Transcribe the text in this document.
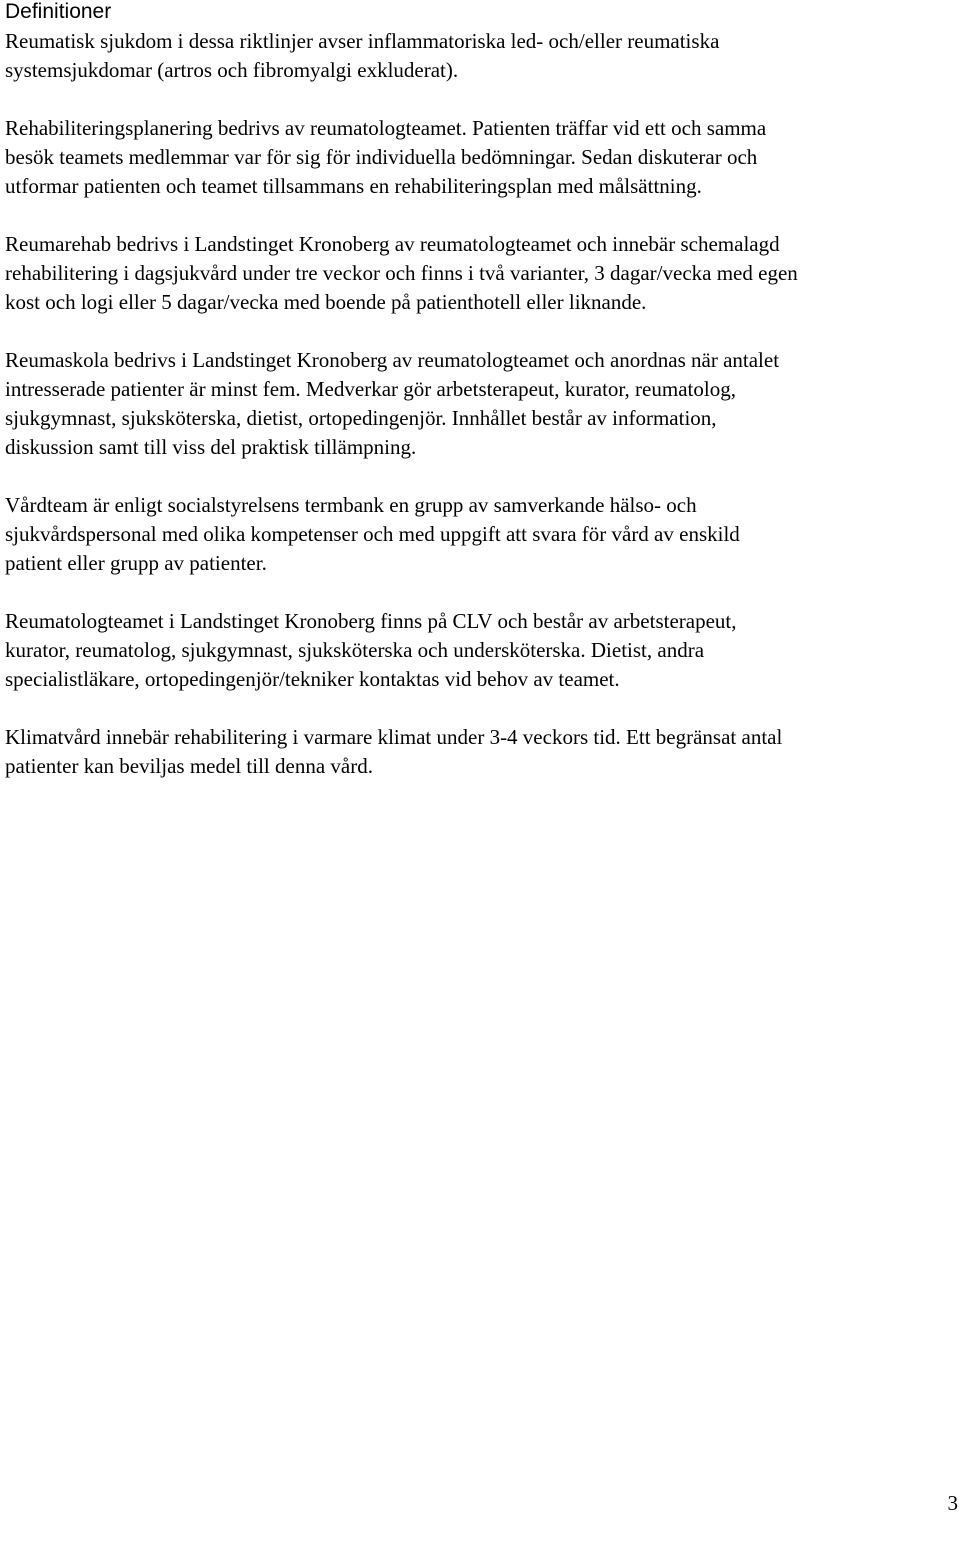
Definitioner

Reumatisk sjukdom i dessa riktlinjer avser inflammatoriska led- och/eller reumatiska
systemsjukdomar (artros och fibromyalgi exkluderat).

Rehabiliteringsplanering bedrivs av reumatologteamet. Patienten träffar vid ett och samma
besök teamets medlemmar var för sig för individuella bedömningar. Sedan diskuterar och
utformar patienten och teamet tillsammans en rehabiliteringsplan med målsättning.

Reumarehab bedrivs i Landstinget Kronoberg av reumatologteamet och innebär schemalagd
rehabilitering i dagsjukvård under tre veckor och finns i två varianter, 3 dagar/vecka med egen
kost och logi eller 5 dagar/vecka med boende på patienthotell eller liknande.

Reumaskola bedrivs i Landstinget Kronoberg av reumatologteamet och anordnas när antalet
intresserade patienter är minst fem. Medverkar gör arbetsterapeut, kurator, reumatolog,
sjukgymnast, sjuksköterska, dietist, ortopedingenjör. Innhållet består av information,
diskussion samt till viss del praktisk tillämpning.

Vårdteam är enligt socialstyrelsens termbank en grupp av samverkande hälso- och
sjukvårdspersonal med olika kompetenser och med uppgift att svara för vård av enskild
patient eller grupp av patienter.

Reumatologteamet i Landstinget Kronoberg finns på CLV och består av arbetsterapeut,
kurator, reumatolog, sjukgymnast, sjuksköterska och undersköterska. Dietist, andra
specialistläkare, ortopedingenjör/tekniker kontaktas vid behov av teamet.

Klimatvård innebär rehabilitering i varmare klimat under 3-4 veckors tid. Ett begränsat antal
patienter kan beviljas medel till denna vård.

3
